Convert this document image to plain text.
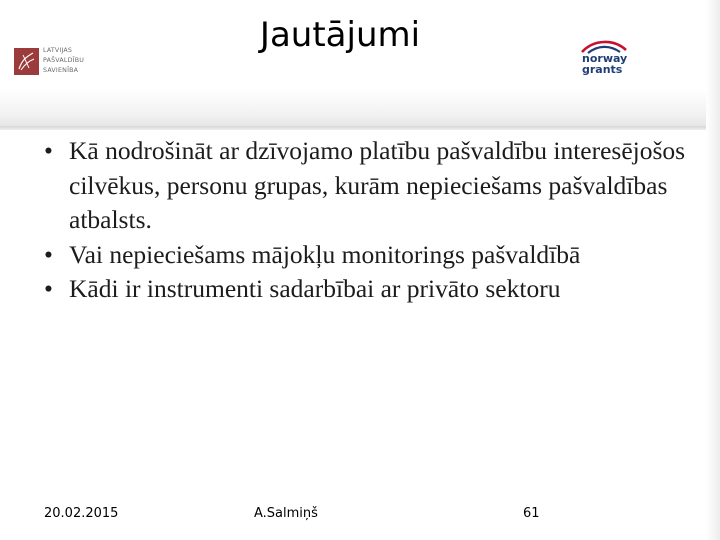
Jautājumi
LATVIJAS
PAŠVALDĪBU
SAVIENĪBA
norway
grants

• Kā nodrošināt ar dzīvojamo platību pašvaldību interesējošos cilvēkus, personu grupas, kurām nepieciešams pašvaldības atbalsts.

• Vai nepieciešams mājokļu monitorings pašvaldībā

• Kādi ir instrumenti sadarbībai ar privāto sektoru

20.02.2015	A.Salmiņš	61
